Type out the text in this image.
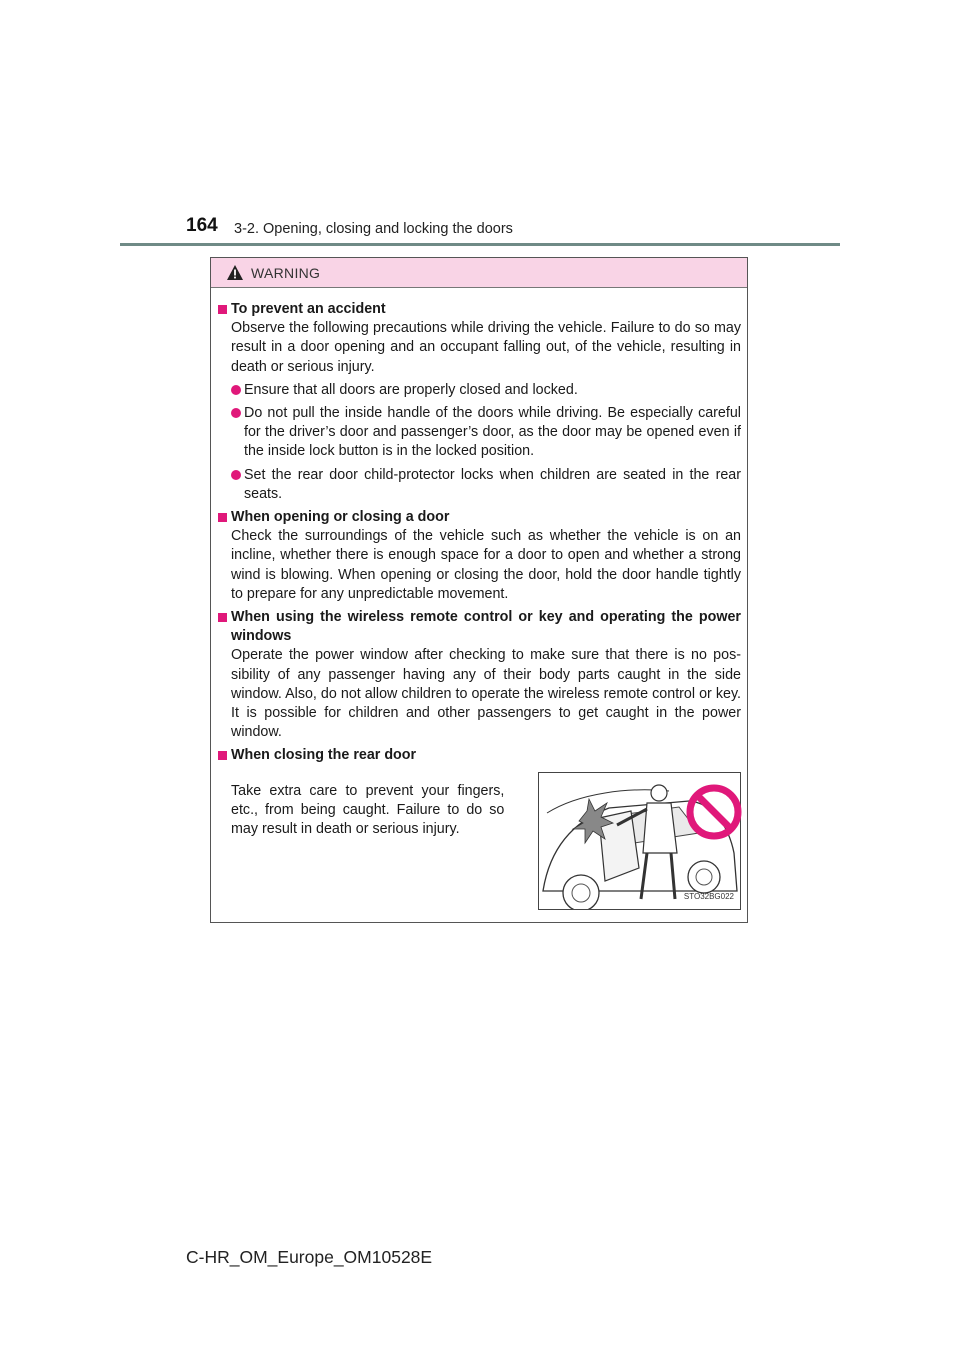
164 3-2. Opening, closing and locking the doors
WARNING
To prevent an accident
Observe the following precautions while driving the vehicle. Failure to do so may result in a door opening and an occupant falling out, of the vehicle, resulting in death or serious injury.
Ensure that all doors are properly closed and locked.
Do not pull the inside handle of the doors while driving. Be especially careful for the driver’s door and passenger’s door, as the door may be opened even if the inside lock button is in the locked position.
Set the rear door child-protector locks when children are seated in the rear seats.
When opening or closing a door
Check the surroundings of the vehicle such as whether the vehicle is on an incline, whether there is enough space for a door to open and whether a strong wind is blowing. When opening or closing the door, hold the door handle tightly to prepare for any unpredictable movement.
When using the wireless remote control or key and operating the power windows
Operate the power window after checking to make sure that there is no pos-sibility of any passenger having any of their body parts caught in the side window. Also, do not allow children to operate the wireless remote control or key. It is possible for children and other passengers to get caught in the power window.
When closing the rear door
Take extra care to prevent your fingers, etc., from being caught. Failure to do so may result in death or serious injury.
STO32BG022
C-HR_OM_Europe_OM10528E
